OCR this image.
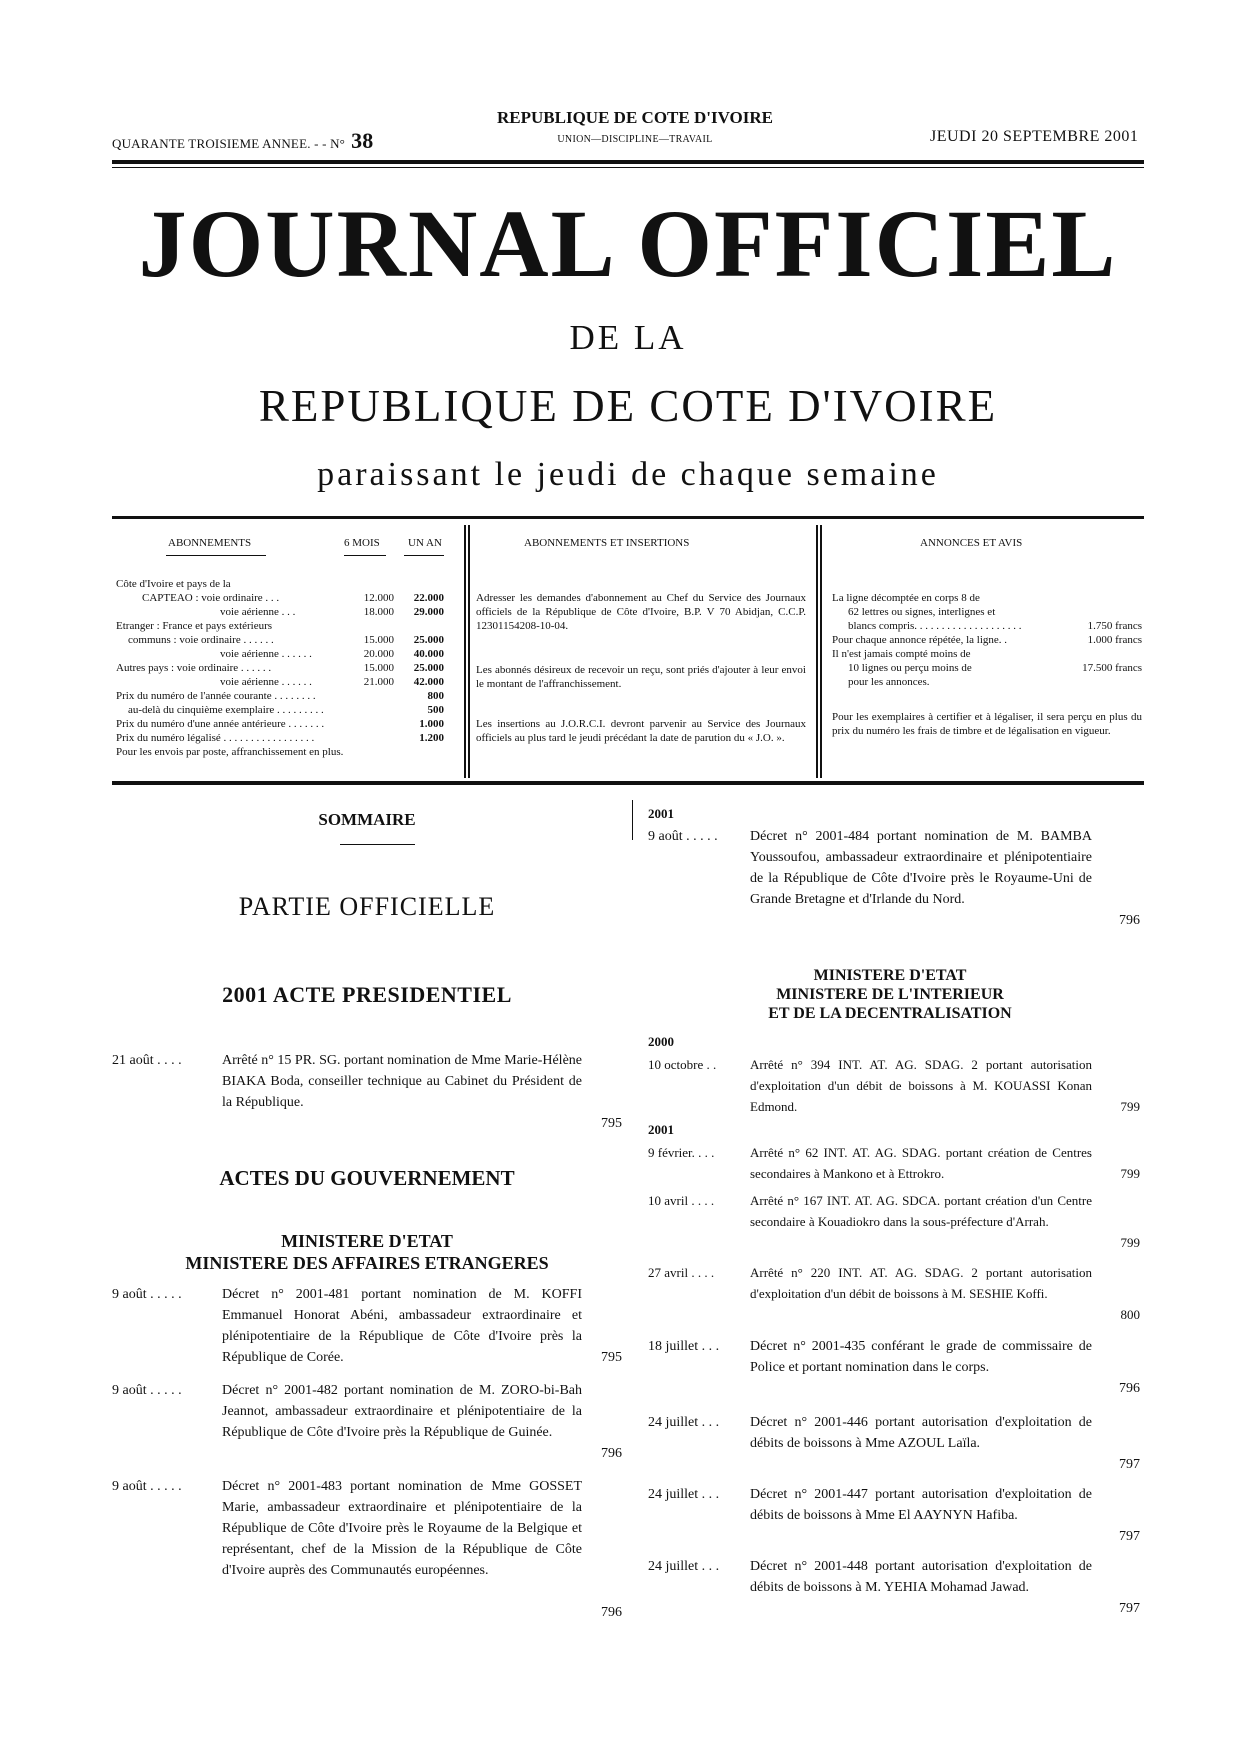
QUARANTE TROISIEME ANNEE. - - N° 38
REPUBLIQUE DE COTE D'IVOIRE
UNION—DISCIPLINE—TRAVAIL	JEUDI 20 SEPTEMBRE 2001
JOURNAL OFFICIEL
DE LA
REPUBLIQUE DE COTE D'IVOIRE
paraissant le jeudi de chaque semaine
ABONNEMENTS	6 MOIS	UN AN
Côte d'Ivoire et pays de la
CAPTEAO : voie ordinaire . . .	12.000	22.000
voie aérienne . . .	18.000	29.000
Etranger : France et pays extérieurs
communs : voie ordinaire . . . . . .	15.000	25.000
voie aérienne . . . . . .	20.000	40.000
Autres pays : voie ordinaire . . . . . .	15.000	25.000
voie aérienne . . . . . .	21.000	42.000
Prix du numéro de l'année courante . . . . . . . .	800
au-delà du cinquième exemplaire . . . . . . . . .	500
Prix du numéro d'une année antérieure . . . . . . .	1.000
Prix du numéro légalisé . . . . . . . . . . . . . . . . .	1.200
Pour les envois par poste, affranchissement en plus.
ABONNEMENTS ET INSERTIONS
Adresser les demandes d'abonnement au Chef du Service des Journaux officiels de la République de Côte d'Ivoire, B.P. V 70 Abidjan, C.C.P. 12301154208-10-04.
Les abonnés désireux de recevoir un reçu, sont priés d'ajouter à leur envoi le montant de l'affranchissement.
Les insertions au J.O.R.C.I. devront parvenir au Service des Journaux officiels au plus tard le jeudi précédant la date de parution du « J.O. ».
ANNONCES ET AVIS
La ligne décomptée en corps 8 de
62 lettres ou signes, interlignes et
blancs compris. . . . . . . . . . . . . . . . . . . .	1.750 francs
Pour chaque annonce répétée, la ligne. .	1.000 francs
Il n'est jamais compté moins de
10 lignes ou perçu moins de	17.500 francs
pour les annonces.
Pour les exemplaires à certifier et à légaliser, il sera perçu en plus du prix du numéro les frais de timbre et de légalisation en vigueur.
SOMMAIRE
PARTIE OFFICIELLE
2001 ACTE PRESIDENTIEL
21 août . . . .	Arrêté n° 15 PR. SG. portant nomination de Mme Marie-Hélène BIAKA Boda, conseiller technique au Cabinet du Président de la République.
795
ACTES DU GOUVERNEMENT
MINISTERE D'ETAT
MINISTERE DES AFFAIRES ETRANGERES
9 août . . . . .	Décret n° 2001-481 portant nomination de M. KOFFI Emmanuel Honorat Abéni, ambassadeur extraordinaire et plénipotentiaire de la République de Côte d'Ivoire près la République de Corée.	795
9 août . . . . .	Décret n° 2001-482 portant nomination de M. ZORO-bi-Bah Jeannot, ambassadeur extraordinaire et plénipotentiaire de la République de Côte d'Ivoire près la République de Guinée.
796
9 août . . . . .	Décret n° 2001-483 portant nomination de Mme GOSSET Marie, ambassadeur extraordinaire et plénipotentiaire de la République de Côte d'Ivoire près le Royaume de la Belgique et représentant, chef de la Mission de la République de Côte d'Ivoire auprès des Communautés européennes.
796
2001
9 août . . . . . Décret n° 2001-484 portant nomination de M. BAMBA Youssoufou, ambassadeur extraordinaire et plénipotentiaire de la République de Côte d'Ivoire près le Royaume-Uni de Grande Bretagne et d'Irlande du Nord.
796
MINISTERE D'ETAT
MINISTERE DE L'INTERIEUR
ET DE LA DECENTRALISATION
2000
10 octobre . .	Arrêté n° 394 INT. AT. AG. SDAG. 2 portant autorisation d'exploitation d'un débit de boissons à M. KOUASSI Konan Edmond.	799
2001
9 février. . . .	Arrêté n° 62 INT. AT. AG. SDAG. portant création de Centres secondaires à Mankono et à Ettrokro.	799
10 avril . . . .	Arrêté n° 167 INT. AT. AG. SDCA. portant création d'un Centre secondaire à Kouadiokro dans la sous-préfecture d'Arrah.
799
27 avril . . . .	Arrêté n° 220 INT. AT. AG. SDAG. 2 portant autorisation d'exploitation d'un débit de boissons à M. SESHIE Koffi.
800
18 juillet . . . Décret n° 2001-435 conférant le grade de commissaire de Police et portant nomination dans le corps.
796
24 juillet . . . Décret n° 2001-446 portant autorisation d'exploitation de débits de boissons à Mme AZOUL Laïla.
797
24 juillet . . . Décret n° 2001-447 portant autorisation d'exploitation de débits de boissons à Mme El AAYNYN Hafiba.
797
24 juillet . . . Décret n° 2001-448 portant autorisation d'exploitation de débits de boissons à M. YEHIA Mohamad Jawad.
797
